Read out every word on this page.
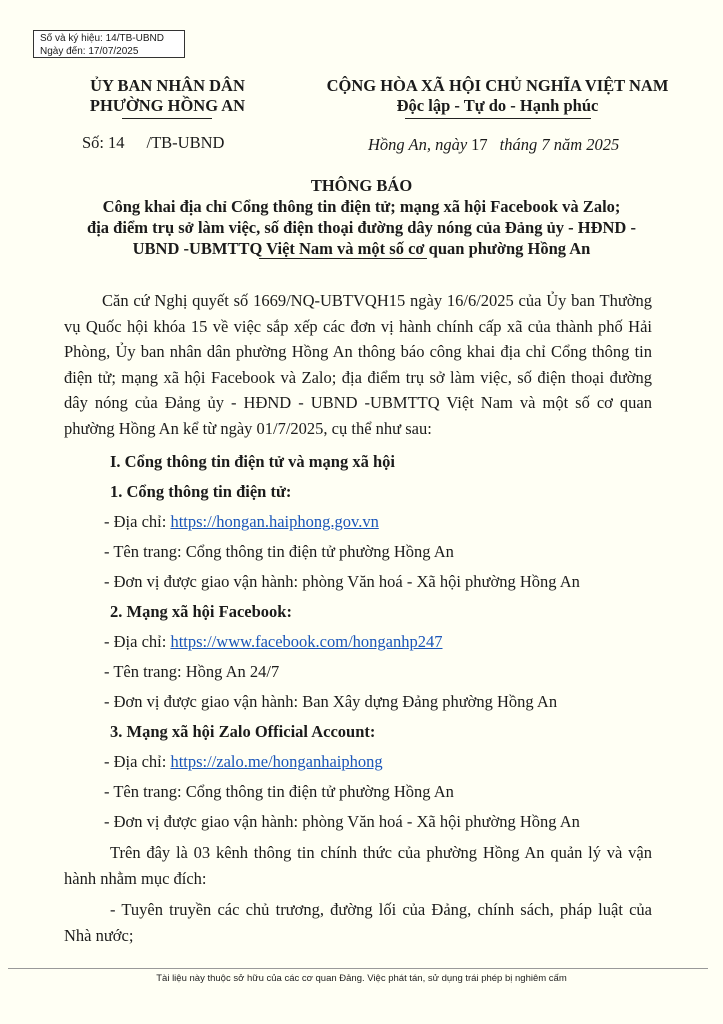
Số và ký hiệu: 14/TB-UBND
Ngày đến: 17/07/2025
ỦY BAN NHÂN DÂN
PHƯỜNG HỒNG AN
CỘNG HÒA XÃ HỘI CHỦ NGHĨA VIỆT NAM
Độc lập - Tự do - Hạnh phúc
Số: 14 /TB-UBND	Hồng An, ngày 17 tháng 7 năm 2025
THÔNG BÁO
Công khai địa chỉ Cổng thông tin điện tử; mạng xã hội Facebook và Zalo;
địa điểm trụ sở làm việc, số điện thoại đường dây nóng của Đảng ủy - HĐND -
UBND -UBMTTQ Việt Nam và một số cơ quan phường Hồng An

Căn cứ Nghị quyết số 1669/NQ-UBTVQH15 ngày 16/6/2025 của Ủy ban Thường vụ Quốc hội khóa 15 về việc sắp xếp các đơn vị hành chính cấp xã của thành phố Hải Phòng, Ủy ban nhân dân phường Hồng An thông báo công khai địa chỉ Cổng thông tin điện tử; mạng xã hội Facebook và Zalo; địa điểm trụ sở làm việc, số điện thoại đường dây nóng của Đảng ủy - HĐND - UBND -UBMTTQ Việt Nam và một số cơ quan phường Hồng An kể từ ngày 01/7/2025, cụ thể như sau:

I. Cổng thông tin điện tử và mạng xã hội

1. Cổng thông tin điện tử:

- Địa chỉ: https://hongan.haiphong.gov.vn

- Tên trang: Cổng thông tin điện tử phường Hồng An

- Đơn vị được giao vận hành: phòng Văn hoá - Xã hội phường Hồng An

2. Mạng xã hội Facebook:

- Địa chỉ: https://www.facebook.com/honganhp247

- Tên trang: Hồng An 24/7

- Đơn vị được giao vận hành: Ban Xây dựng Đảng phường Hồng An

3. Mạng xã hội Zalo Official Account:

- Địa chỉ: https://zalo.me/honganhaiphong

- Tên trang: Cổng thông tin điện tử phường Hồng An

- Đơn vị được giao vận hành: phòng Văn hoá - Xã hội phường Hồng An

Trên đây là 03 kênh thông tin chính thức của phường Hồng An quản lý và vận hành nhằm mục đích:

- Tuyên truyền các chủ trương, đường lối của Đảng, chính sách, pháp luật của Nhà nước;

Tài liệu này thuộc sở hữu của các cơ quan Đảng. Việc phát tán, sử dụng trái phép bị nghiêm cấm
